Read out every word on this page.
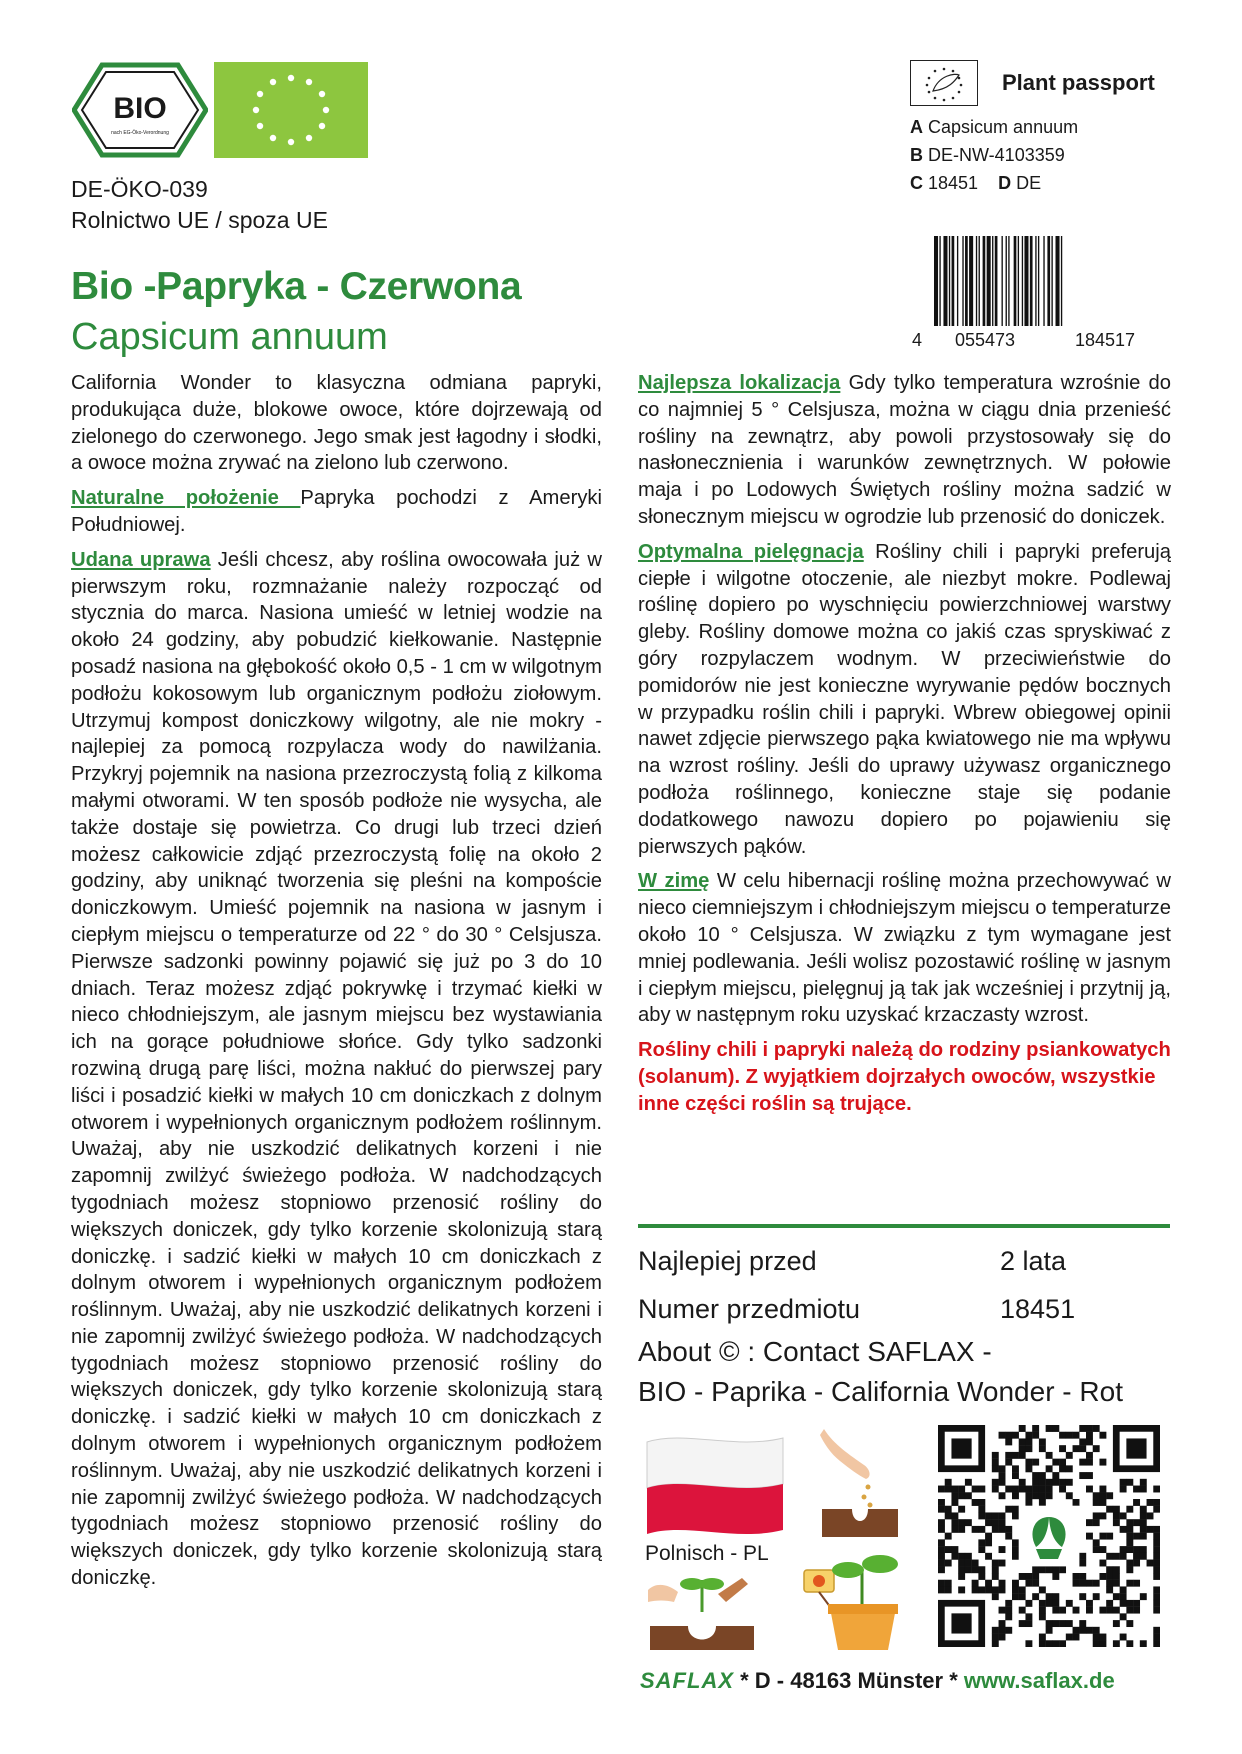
BIO
nach EG-Öko-Verordnung
DE-ÖKO-039
Rolnictwo UE / spoza UE
Bio -Papryka - Czerwona
Capsicum annuum
Plant passport
A Capsicum annuum
B DE-NW-4103359
C 18451 D DE
4 055473	184517

California Wonder to klasyczna odmiana papryki, produkująca duże, blokowe owoce, które dojrzewają od zielonego do czerwonego. Jego smak jest łagodny i słodki, a owoce można zrywać na zielono lub czerwono.

Naturalne położenie Papryka pochodzi z Ameryki Południowej.

Udana uprawa Jeśli chcesz, aby roślina owocowała już w pierwszym roku, rozmnażanie należy rozpocząć od stycznia do marca. Nasiona umieść w letniej wodzie na około 24 godziny, aby pobudzić kiełkowanie. Następnie posadź nasiona na głębokość około 0,5 - 1 cm w wilgotnym podłożu kokosowym lub organicznym podłożu ziołowym. Utrzymuj kompost doniczkowy wilgotny, ale nie mokry - najlepiej za pomocą rozpylacza wody do nawilżania. Przykryj pojemnik na nasiona przezroczystą folią z kilkoma małymi otworami. W ten sposób podłoże nie wysycha, ale także dostaje się powietrza. Co drugi lub trzeci dzień możesz całkowicie zdjąć przezroczystą folię na około 2 godziny, aby uniknąć tworzenia się pleśni na kompoście doniczkowym. Umieść pojemnik na nasiona w jasnym i ciepłym miejscu o temperaturze od 22 ° do 30 ° Celsjusza. Pierwsze sadzonki powinny pojawić się już po 3 do 10 dniach. Teraz możesz zdjąć pokrywkę i trzymać kiełki w nieco chłodniejszym, ale jasnym miejscu bez wystawiania ich na gorące południowe słońce. Gdy tylko sadzonki rozwiną drugą parę liści, można nakłuć do pierwszej pary liści i posadzić kiełki w małych 10 cm doniczkach z dolnym otworem i wypełnionych organicznym podłożem roślinnym. Uważaj, aby nie uszkodzić delikatnych korzeni i nie zapomnij zwilżyć świeżego podłoża. W nadchodzących tygodniach możesz stopniowo przenosić rośliny do większych doniczek, gdy tylko korzenie skolonizują starą doniczkę. i sadzić kiełki w małych 10 cm doniczkach z dolnym otworem i wypełnionych organicznym podłożem roślinnym. Uważaj, aby nie uszkodzić delikatnych korzeni i nie zapomnij zwilżyć świeżego podłoża. W nadchodzących tygodniach możesz stopniowo przenosić rośliny do większych doniczek, gdy tylko korzenie skolonizują starą doniczkę. i sadzić kiełki w małych 10 cm doniczkach z dolnym otworem i wypełnionych organicznym podłożem roślinnym. Uważaj, aby nie uszkodzić delikatnych korzeni i nie zapomnij zwilżyć świeżego podłoża. W nadchodzących tygodniach możesz stopniowo przenosić rośliny do większych doniczek, gdy tylko korzenie skolonizują starą doniczkę.

Najlepsza lokalizacja Gdy tylko temperatura wzrośnie do co najmniej 5 ° Celsjusza, można w ciągu dnia przenieść rośliny na zewnątrz, aby powoli przystosowały się do nasłonecznienia i warunków zewnętrznych. W połowie maja i po Lodowych Świętych rośliny można sadzić w słonecznym miejscu w ogrodzie lub przenosić do doniczek.

Optymalna pielęgnacja Rośliny chili i papryki preferują ciepłe i wilgotne otoczenie, ale niezbyt mokre. Podlewaj roślinę dopiero po wyschnięciu powierzchniowej warstwy gleby. Rośliny domowe można co jakiś czas spryskiwać z góry rozpylaczem wodnym. W przeciwieństwie do pomidorów nie jest konieczne wyrywanie pędów bocznych w przypadku roślin chili i papryki. Wbrew obiegowej opinii nawet zdjęcie pierwszego pąka kwiatowego nie ma wpływu na wzrost rośliny. Jeśli do uprawy używasz organicznego podłoża roślinnego, konieczne staje się podanie dodatkowego nawozu dopiero po pojawieniu się pierwszych pąków.

W zimę W celu hibernacji roślinę można przechowywać w nieco ciemniejszym i chłodniejszym miejscu o temperaturze około 10 ° Celsjusza. W związku z tym wymagane jest mniej podlewania. Jeśli wolisz pozostawić roślinę w jasnym i ciepłym miejscu, pielęgnuj ją tak jak wcześniej i przytnij ją, aby w następnym roku uzyskać krzaczasty wzrost.

Rośliny chili i papryki należą do rodziny psiankowatych (solanum). Z wyjątkiem dojrzałych owoców, wszystkie inne części roślin są trujące.

Najlepiej przed	2 lata
Numer przedmiotu	18451
About © : Contact SAFLAX -
BIO - Paprika - California Wonder - Rot
Polnisch - PL
SAFLAX * D - 48163 Münster * www.saflax.de
